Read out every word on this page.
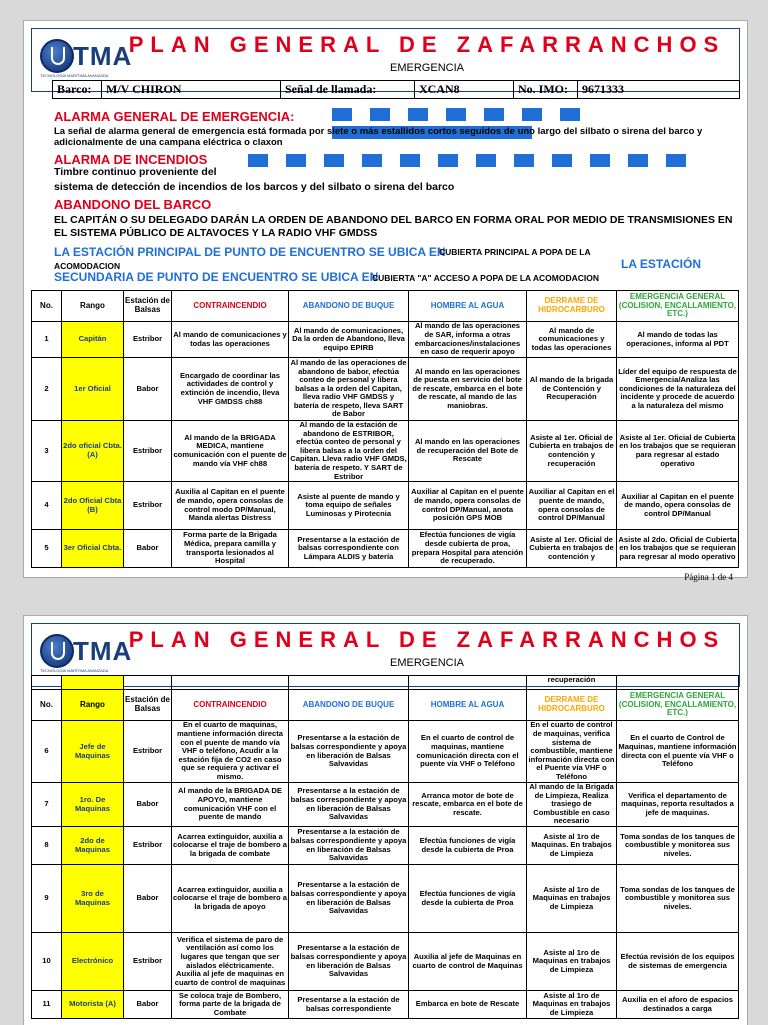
TMA
TECNOLOGÍA MARÍTIMA AVANZADA
PLAN GENERAL DE ZAFARRANCHOS
EMERGENCIA
Barco:	M/V CHIRON	Señal de llamada:	XCAN8	No. IMO:	9671333
ALARMA GENERAL DE EMERGENCIA:
La señal de alarma general de emergencia está formada por siete o más estallidos cortos seguidos de uno largo del silbato o sirena del barco y adicionalmente de una campana eléctrica o claxon
ALARMA DE INCENDIOS
Timbre continuo proveniente del
sistema de detección de incendios de los barcos y del silbato o sirena del barco
ABANDONO DEL BARCO
EL CAPITÁN O SU DELEGADO DARÁN LA ORDEN DE ABANDONO DEL BARCO EN FORMA ORAL POR MEDIO DE TRANSMISIONES EN EL SISTEMA PÚBLICO DE ALTAVOCES Y LA RADIO VHF GMDSS
LA ESTACIÓN PRINCIPAL DE PUNTO DE ENCUENTRO SE UBICA EN
CUBIERTA PRINCIPAL A POPA DE LA
ACOMODACION	LA ESTACIÓN
SECUNDARIA DE PUNTO DE ENCUENTRO SE UBICA EN
CUBIERTA "A" ACCESO A POPA DE LA ACOMODACION
No.	Rango	Estación de Balsas	CONTRAINCENDIO	ABANDONO DE BUQUE	HOMBRE AL AGUA	DERRAME DE HIDROCARBURO	EMERGENCIA GENERAL (COLISION, ENCALLAMIENTO, ETC.)
1	Capitán	Estribor	Al mando de comunicaciones y todas las operaciones	Al mando de comunicaciones, Da la orden de Abandono, lleva equipo EPIRB	Al mando de las operaciones de SAR, informa a otras embarcaciones/instalaciones en caso de requerir apoyo	Al mando de comunicaciones y todas las operaciones	Al mando de todas las operaciones, informa al PDT
2	1er Oficial	Babor	Encargado de coordinar las actividades de control y extinción de incendio, lleva VHF GMDSS ch88	Al mando de las operaciones de abandono de babor, efectúa conteo de personal y libera balsas a la orden del Capitan, lleva radio VHF GMDSS y batería de respeto, lleva SART de Babor	Al mando en las operaciones de puesta en servicio del bote de rescate, embarca en el bote de rescate, al mando de las maniobras.	Al mando de la brigada de Contención y Recuperación	Líder del equipo de respuesta de Emergencia/Analiza las condiciones de la naturaleza del incidente y procede de acuerdo a la naturaleza del mismo
3	2do oficial Cbta. (A)	Estribor	Al mando de la BRIGADA MEDICA, mantiene comunicación con el puente de mando vía VHF ch88	Al mando de la estación de abandono de ESTRIBOR, efectúa conteo de personal y libera balsas a la orden del Capitan. Lleva radio VHF GMDS, batería de respeto. Y SART de Estribor	Al mando en las operaciones de recuperación del Bote de Rescate	Asiste al 1er. Oficial de Cubierta en trabajos de contención y recuperación	Asiste al 1er. Oficial de Cubierta en los trabajos que se requieran para regresar al estado operativo
4	2do Oficial Cbta (B)	Estribor	Auxilia al Capitan en el puente de mando, opera consolas de control modo DP/Manual, Manda alertas Distress	Asiste al puente de mando y toma equipo de señales Luminosas y Pirotecnia	Auxiliar al Capitan en el puente de mando, opera consolas de control DP/Manual, anota posición GPS MOB	Auxiliar al Capitan en el puente de mando, opera consolas de control DP/Manual	Auxiliar al Capitan en el puente de mando, opera consolas de control DP/Manual
5	3er Oficial Cbta.	Babor	Forma parte de la Brigada Médica, prepara camilla y transporta lesionados al Hospital	Presentarse a la estación de balsas correspondiente con Lámpara ALDIS y batería	Efectúa funciones de vigía desde cubierta de proa, prepara Hospital para atención de recuperado.	Asiste al 1er. Oficial de Cubierta en trabajos de contención y	Asiste al 2do. Oficial de Cubierta en los trabajos que se requieran para regresar al modo operativo
Página 1 de 4
TMA
TECNOLOGÍA MARÍTIMA AVANZADA
PLAN GENERAL DE ZAFARRANCHOS
EMERGENCIA
						recuperación	
No.	Rango	Estación de Balsas	CONTRAINCENDIO	ABANDONO DE BUQUE	HOMBRE AL AGUA	DERRAME DE HIDROCARBURO	EMERGENCIA GENERAL (COLISION, ENCALLAMIENTO, ETC.)
6	Jefe de Maquinas	Estribor	En el cuarto de maquinas, mantiene información directa con el puente de mando vía VHF o teléfono, Acudir a la estación fija de CO2 en caso que se requiera y activar el mismo.	Presentarse a la estación de balsas correspondiente y apoya en liberación de Balsas Salvavidas	En el cuarto de control de maquinas, mantiene comunicación directa con el puente vía VHF o Teléfono	En el cuarto de control de maquinas, verifica sistema de combustible, mantiene información directa con el Puente vía VHF o Teléfono	En el cuarto de Control de Maquinas, mantiene información directa con el puente vía VHF o Teléfono
7	1ro. De Maquinas	Babor	Al mando de la BRIGADA DE APOYO, mantiene comunicación VHF con el puente de mando	Presentarse a la estación de balsas correspondiente y apoya en liberación de Balsas Salvavidas	Arranca motor de bote de rescate, embarca en el bote de rescate.	Al mando de la Brigada de Limpieza, Realiza trasiego de Combustible en caso necesario	Verifica el departamento de maquinas, reporta resultados a jefe de maquinas.
8	2do de Maquinas	Estribor	Acarrea extinguidor, auxilia a colocarse el traje de bombero a la brigada de combate	Presentarse a la estación de balsas correspondiente y apoya en liberación de Balsas Salvavidas	Efectúa funciones de vigía desde la cubierta de Proa	Asiste al 1ro de Maquinas. En trabajos de Limpieza	Toma sondas de los tanques de combustible y monitorea sus niveles.
9	3ro de Maquinas	Babor	Acarrea extinguidor, auxilia a colocarse el traje de bombero a la brigada de apoyo	Presentarse a la estación de balsas correspondiente y apoya en liberación de Balsas Salvavidas	Efectúa funciones de vigía desde la cubierta de Proa	Asiste al 1ro de Maquinas en trabajos de Limpieza	Toma sondas de los tanques de combustible y monitorea sus niveles.
10	Electrónico	Estribor	Verifica el sistema de paro de ventilación así como los lugares que tengan que ser aislados eléctricamente. Auxilia al jefe de maquinas en cuarto de control de maquinas	Presentarse a la estación de balsas correspondiente y apoya en liberación de Balsas Salvavidas	Auxilia al jefe de Maquinas en cuarto de control de Maquinas	Asiste al 1ro de Maquinas en trabajos de Limpieza	Efectúa revisión de los equipos de sistemas de emergencia
11	Motorista (A)	Babor	Se coloca traje de Bombero, forma parte de la brigada de Combate	Presentarse a la estación de balsas correspondiente	Embarca en bote de Rescate	Asiste al 1ro de Maquinas en trabajos de Limpieza	Auxilia en el aforo de espacios destinados a carga
